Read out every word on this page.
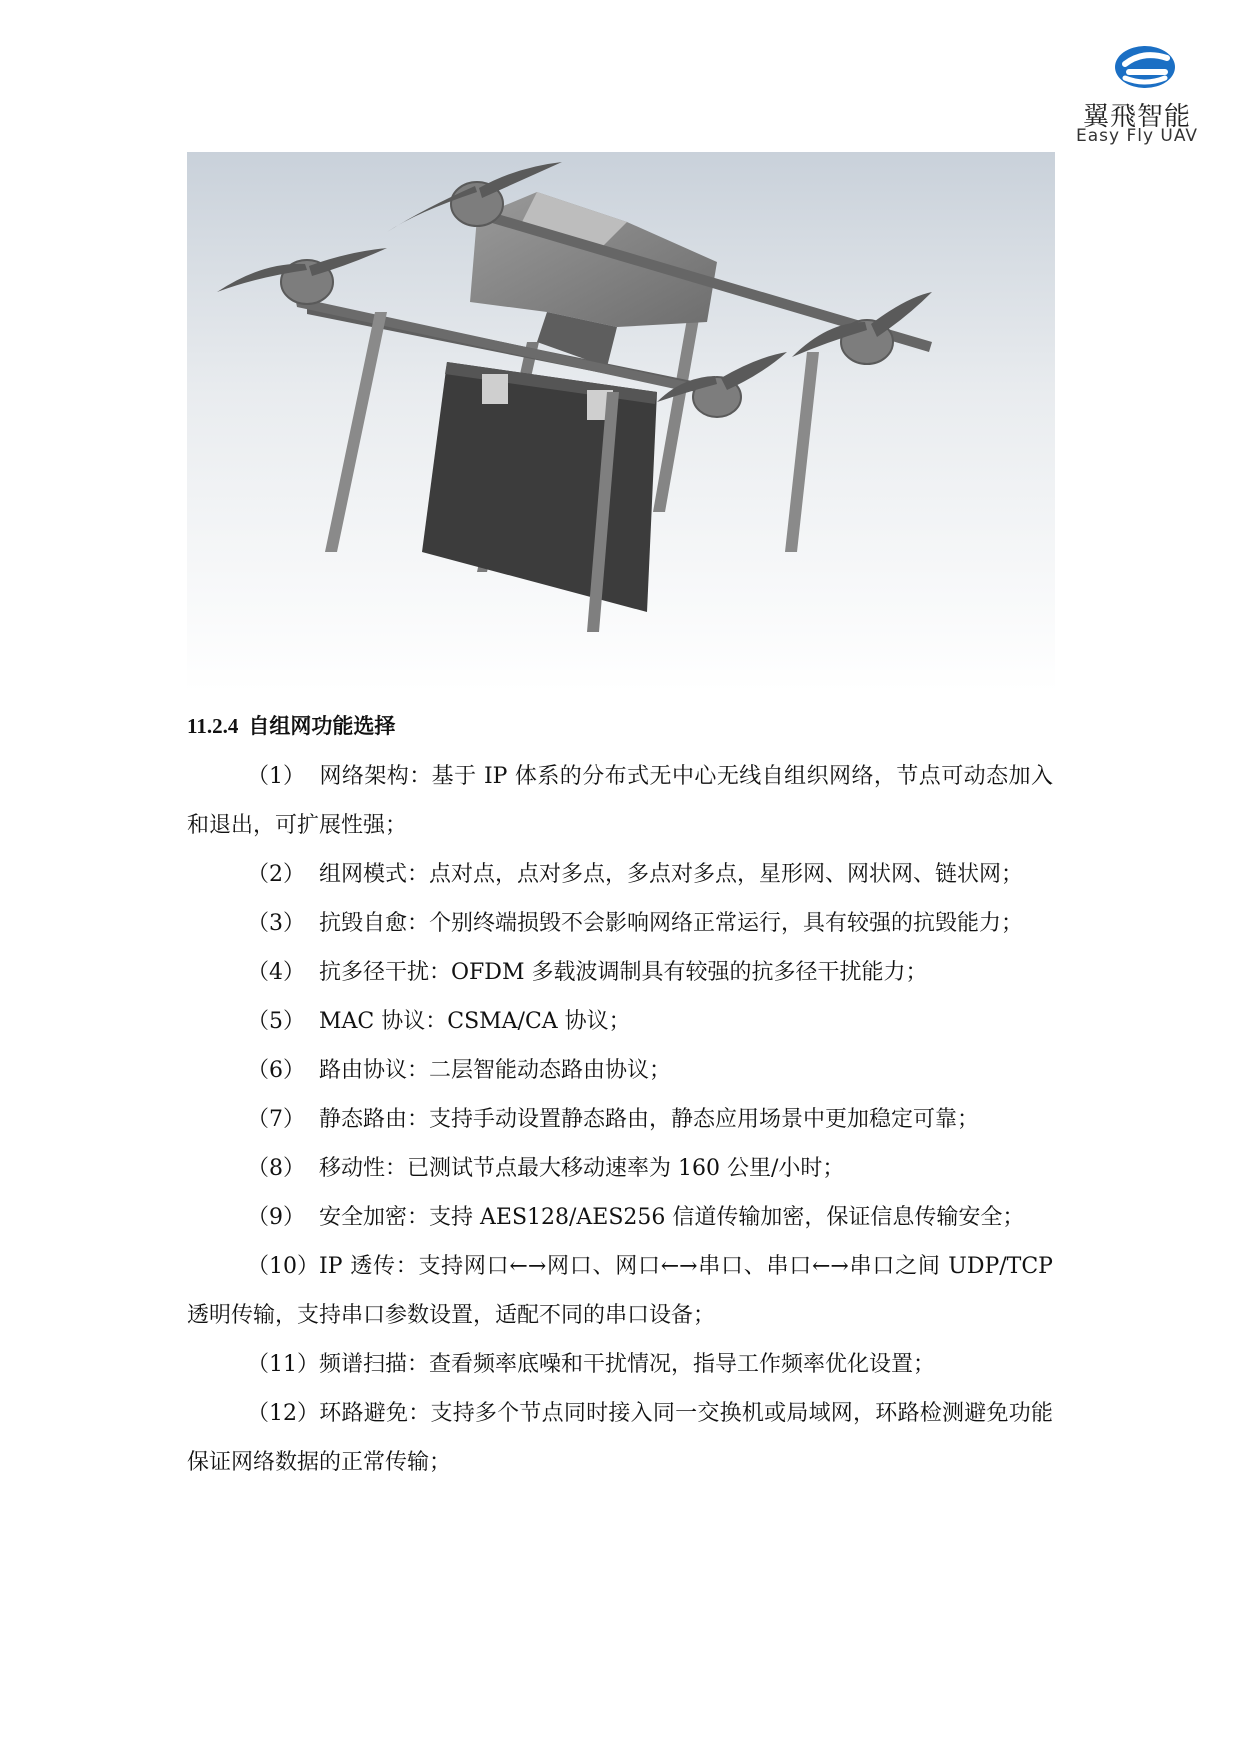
翼飛智能
Easy Fly UAV
11.2.4 自组网功能选择

（1） 网络架构：基于 IP 体系的分布式无中心无线自组织网络，节点可动态加入和退出，可扩展性强；

（2） 组网模式：点对点，点对多点，多点对多点，星形网、网状网、链状网；

（3） 抗毁自愈：个别终端损毁不会影响网络正常运行，具有较强的抗毁能力；

（4） 抗多径干扰：OFDM 多载波调制具有较强的抗多径干扰能力；

（5） MAC 协议：CSMA/CA 协议；

（6） 路由协议：二层智能动态路由协议；

（7） 静态路由：支持手动设置静态路由，静态应用场景中更加稳定可靠；

（8） 移动性：已测试节点最大移动速率为 160 公里/小时；

（9） 安全加密：支持 AES128/AES256 信道传输加密，保证信息传输安全；

（10）IP 透传：支持网口←→网口、网口←→串口、串口←→串口之间 UDP/TCP 透明传输，支持串口参数设置，适配不同的串口设备；

（11）频谱扫描：查看频率底噪和干扰情况，指导工作频率优化设置；

（12）环路避免：支持多个节点同时接入同一交换机或局域网，环路检测避免功能保证网络数据的正常传输；
